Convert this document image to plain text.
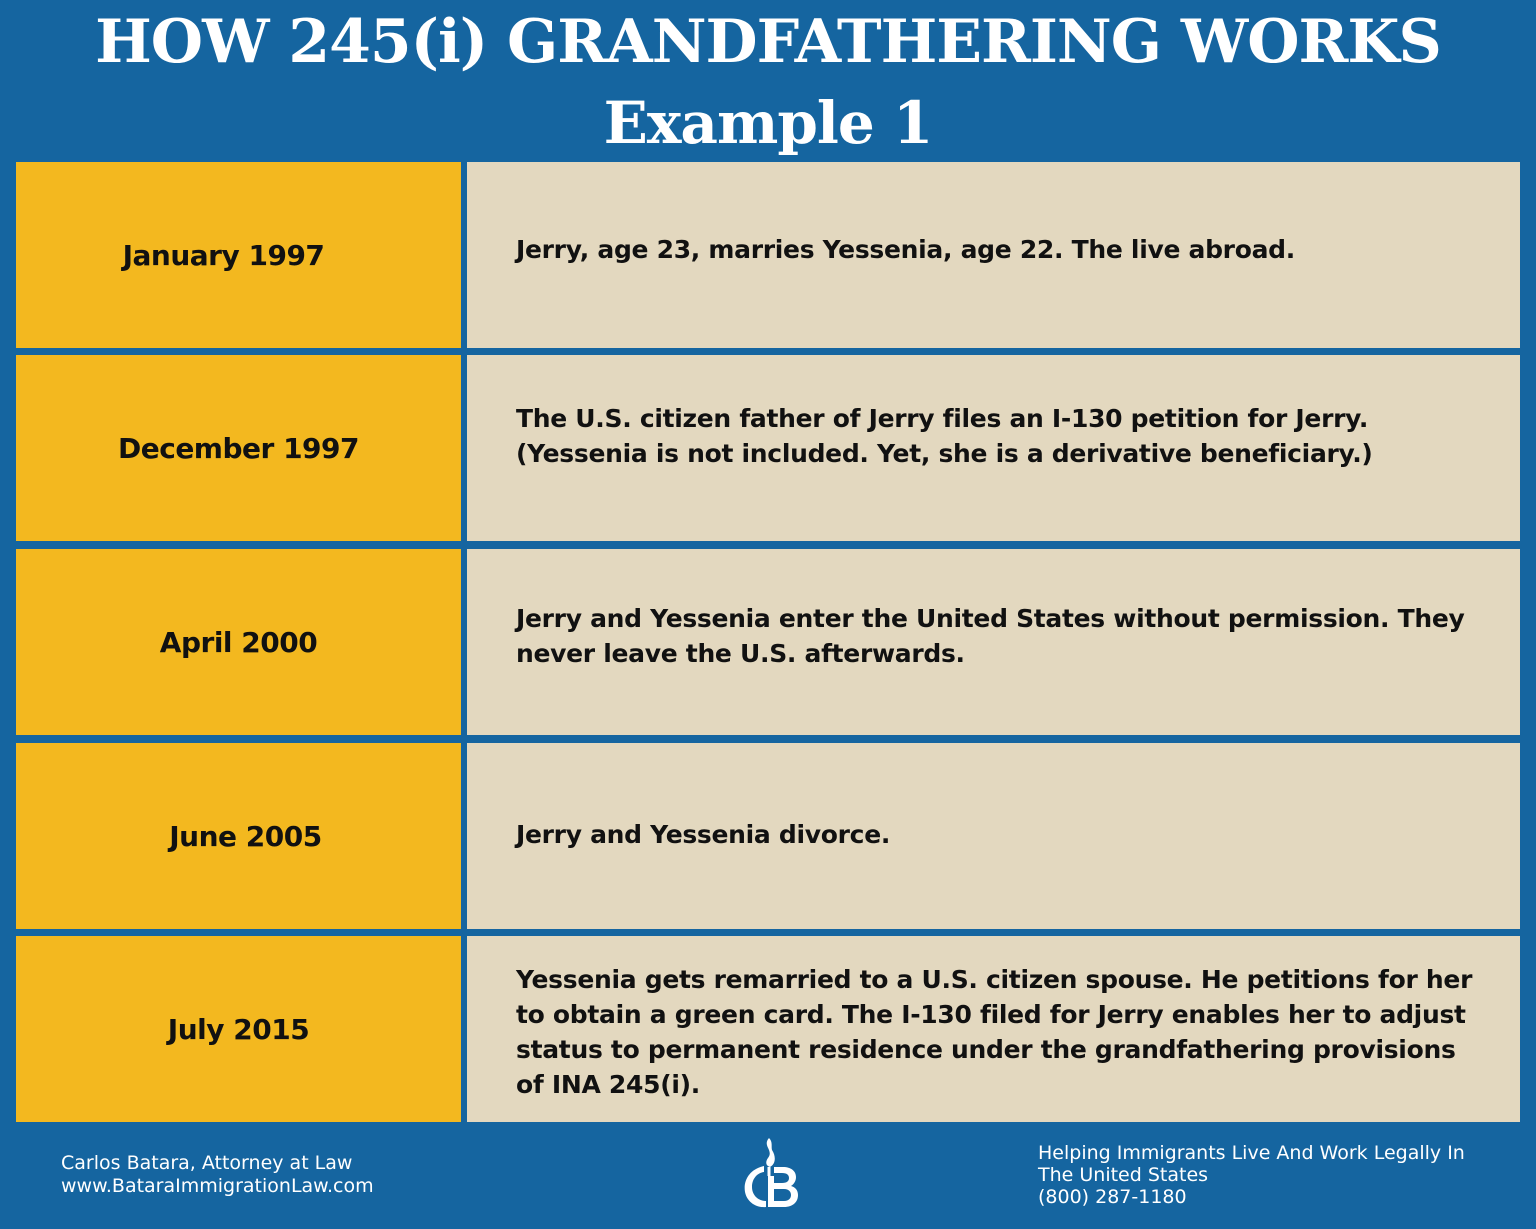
HOW 245(i) GRANDFATHERING WORKS
Example 1
January 1997	Jerry, age 23, marries Yessenia, age 22. The live abroad.

December 1997

The U.S. citizen father of Jerry files an I-130 petition for Jerry.
(Yessenia is not included. Yet, she is a derivative beneficiary.)

April 2000

Jerry and Yessenia enter the United States without permission. They
never leave the U.S. afterwards.

June 2005	Jerry and Yessenia divorce.

July 2015

Yessenia gets remarried to a U.S. citizen spouse. He petitions for her
to obtain a green card. The I-130 filed for Jerry enables her to adjust
status to permanent residence under the grandfathering provisions
of INA 245(i).

Carlos Batara, Attorney at Law
www.BataraImmigrationLaw.com
Helping Immigrants Live And Work Legally In
The United States
(800) 287-1180
